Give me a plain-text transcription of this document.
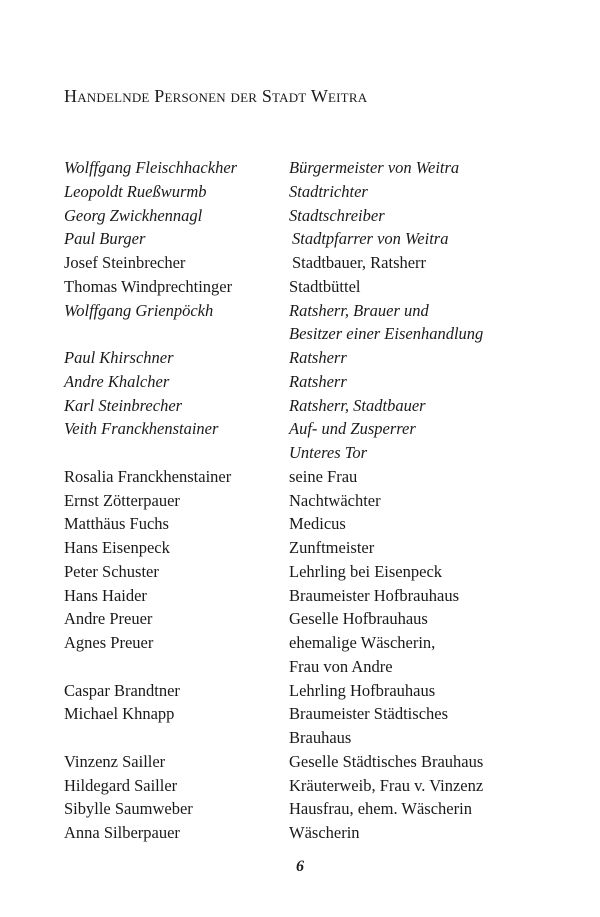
Handelnde Personen der Stadt Weitra
Wolffgang Fleischhackher	Bürgermeister von Weitra
Leopoldt Rueßwurmb	Stadtrichter
Georg Zwickhennagl	Stadtschreiber
Paul Burger	Stadtpfarrer von Weitra
Josef Steinbrecher	Stadtbauer, Ratsherr
Thomas Windprechtinger	Stadtbüttel
Wolffgang Grienpöckh	Ratsherr, Brauer und
Besitzer einer Eisenhandlung
Paul Khirschner	Ratsherr
Andre Khalcher	Ratsherr
Karl Steinbrecher	Ratsherr, Stadtbauer
Veith Franckhenstainer	Auf- und Zusperrer
Unteres Tor
Rosalia Franckhenstainer	seine Frau
Ernst Zötterpauer	Nachtwächter
Matthäus Fuchs	Medicus
Hans Eisenpeck	Zunftmeister
Peter Schuster	Lehrling bei Eisenpeck
Hans Haider	Braumeister Hofbrauhaus
Andre Preuer	Geselle Hofbrauhaus
Agnes Preuer	ehemalige Wäscherin,
Frau von Andre
Caspar Brandtner	Lehrling Hofbrauhaus
Michael Khnapp	Braumeister Städtisches
Brauhaus
Vinzenz Sailler	Geselle Städtisches Brauhaus
Hildegard Sailler	Kräuterweib, Frau v. Vinzenz
Sibylle Saumweber	Hausfrau, ehem. Wäscherin
Anna Silberpauer	Wäscherin
6
